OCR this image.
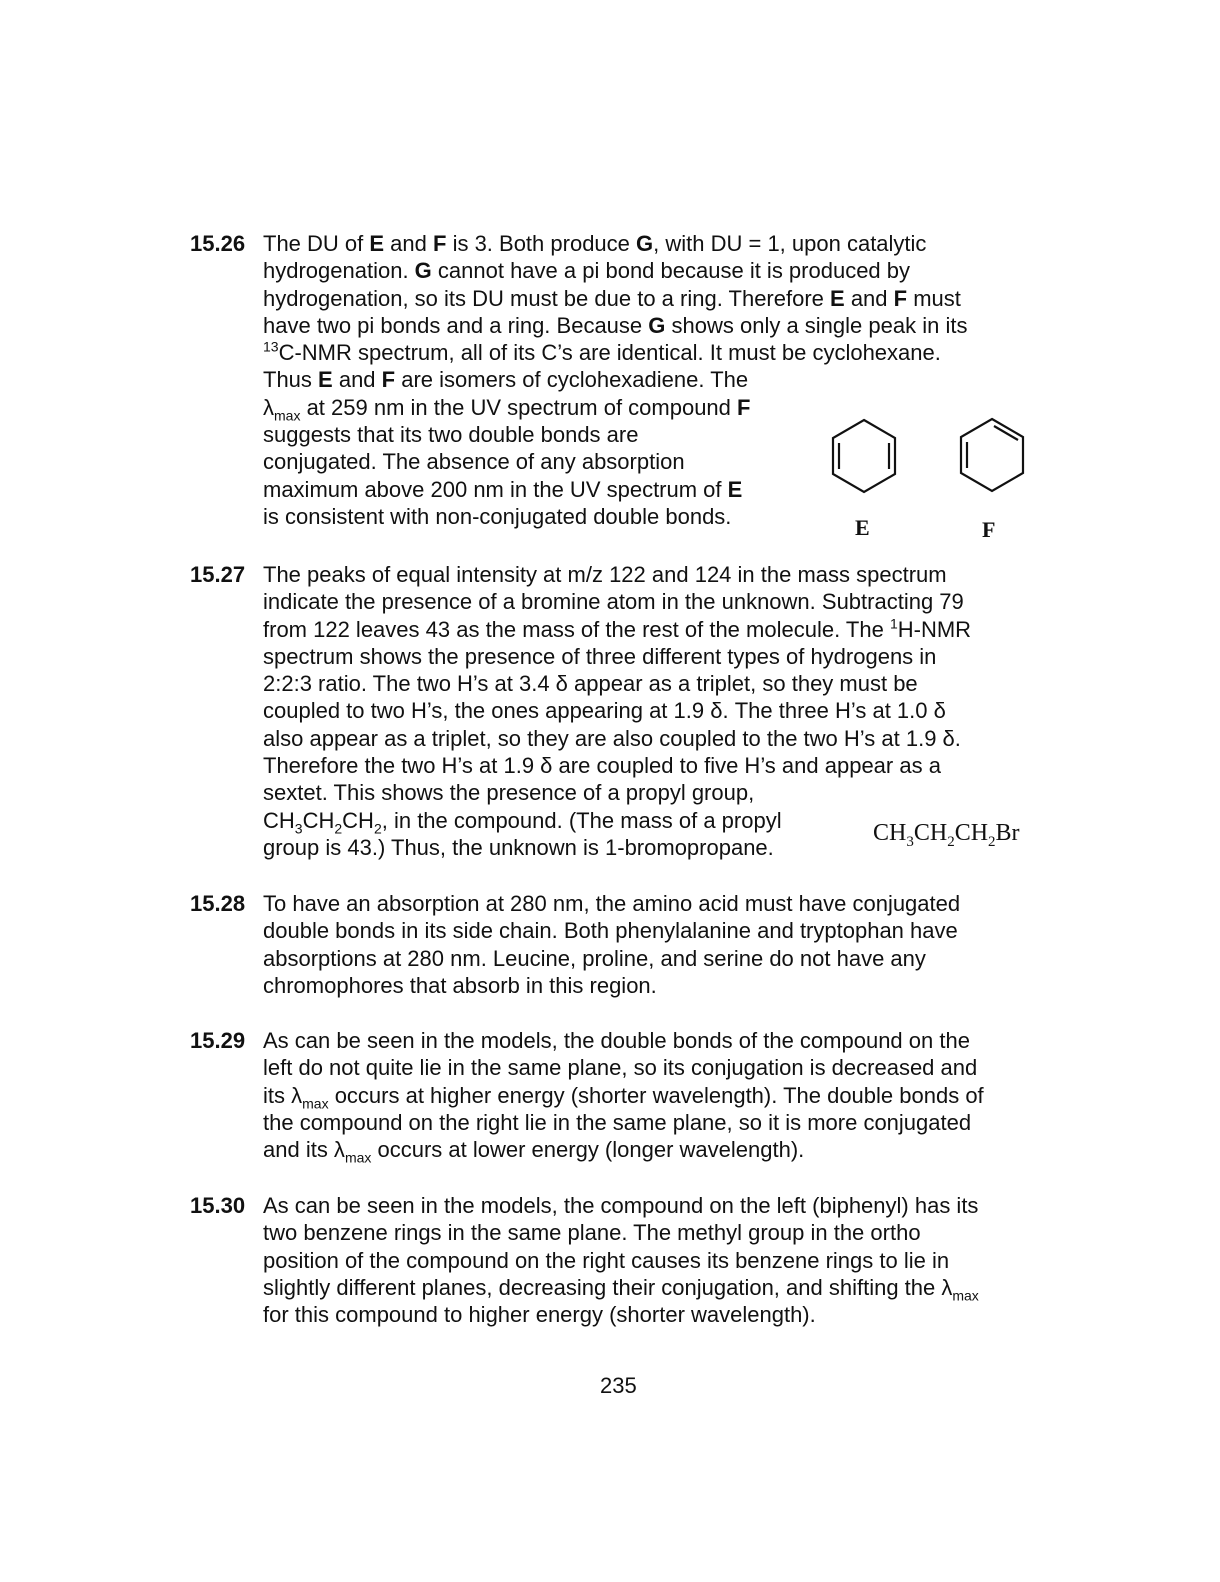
15.26 The DU of E and F is 3. Both produce G, with DU = 1, upon catalytic
hydrogenation. G cannot have a pi bond because it is produced by
hydrogenation, so its DU must be due to a ring. Therefore E and F must
have two pi bonds and a ring. Because G shows only a single peak in its
$^{13}$C-NMR spectrum, all of its C’s are identical. It must be cyclohexane.
Thus E and F are isomers of cyclohexadiene. The
$\lambda_{max}$ at 259 nm in the UV spectrum of compound F
suggests that its two double bonds are
conjugated. The absence of any absorption
maximum above 200 nm in the UV spectrum of E
is consistent with non-conjugated double bonds.
15.27 The peaks of equal intensity at m/z 122 and 124 in the mass spectrum
indicate the presence of a bromine atom in the unknown. Subtracting 79
from 122 leaves 43 as the mass of the rest of the molecule. The $^1$H-NMR
spectrum shows the presence of three different types of hydrogens in
2:2:3 ratio. The two H’s at 3.4 δ appear as a triplet, so they must be
coupled to two H’s, the ones appearing at 1.9 δ. The three H’s at 1.0 δ
also appear as a triplet, so they are also coupled to the two H’s at 1.9 δ.
Therefore the two H’s at 1.9 δ are coupled to five H’s and appear as a
sextet. This shows the presence of a propyl group,
$CH_3CH_2CH_2$, in the compound. (The mass of a propyl
group is 43.) Thus, the unknown is 1-bromopropane.
15.28 To have an absorption at 280 nm, the amino acid must have conjugated
double bonds in its side chain. Both phenylalanine and tryptophan have
absorptions at 280 nm. Leucine, proline, and serine do not have any
chromophores that absorb in this region.
15.29 As can be seen in the models, the double bonds of the compound on the
left do not quite lie in the same plane, so its conjugation is decreased and
its $\lambda_{max}$ occurs at higher energy (shorter wavelength). The double bonds of
the compound on the right lie in the same plane, so it is more conjugated
and its $\lambda_{max}$ occurs at lower energy (longer wavelength).
15.30 As can be seen in the models, the compound on the left (biphenyl) has its
two benzene rings in the same plane. The methyl group in the ortho
position of the compound on the right causes its benzene rings to lie in
slightly different planes, decreasing their conjugation, and shifting the $\lambda_{max}$
for this compound to higher energy (shorter wavelength).
E	F
$CH_3CH_2CH_2Br$
235
